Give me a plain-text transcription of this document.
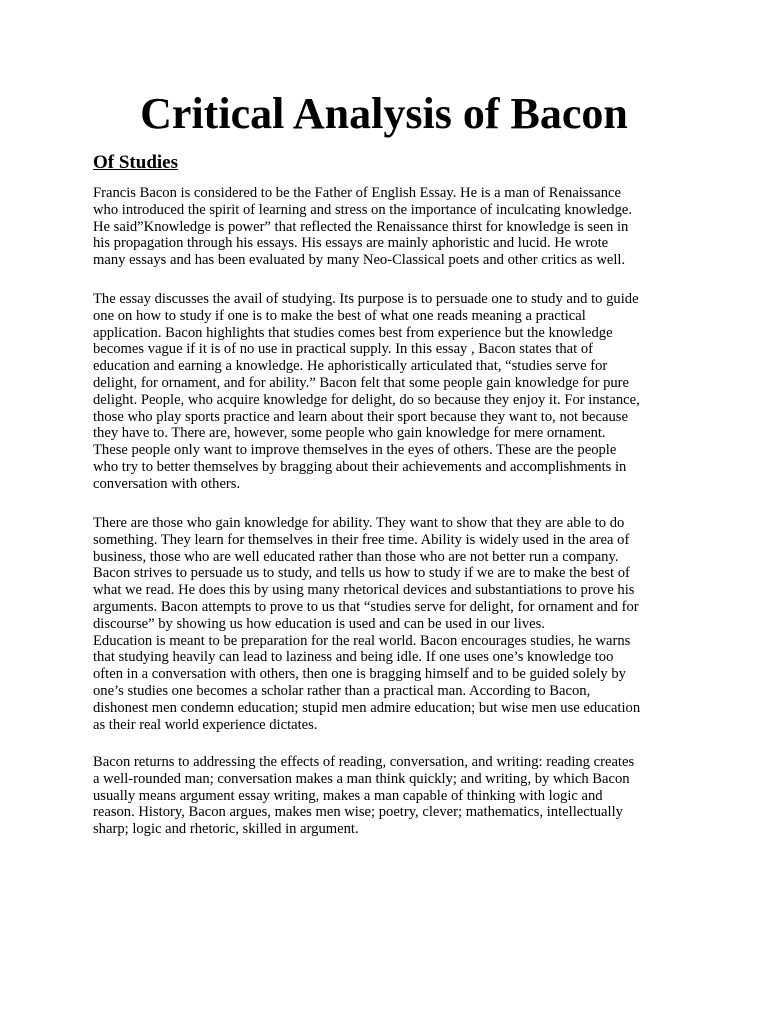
Critical Analysis of Bacon
Of Studies

Francis Bacon is considered to be the Father of English Essay. He is a man of Renaissance
who introduced the spirit of learning and stress on the importance of inculcating knowledge.
He said”Knowledge is power” that reflected the Renaissance thirst for knowledge is seen in
his propagation through his essays. His essays are mainly aphoristic and lucid. He wrote
many essays and has been evaluated by many Neo-Classical poets and other critics as well.

The essay discusses the avail of studying. Its purpose is to persuade one to study and to guide
one on how to study if one is to make the best of what one reads meaning a practical
application. Bacon highlights that studies comes best from experience but the knowledge
becomes vague if it is of no use in practical supply. In this essay , Bacon states that of
education and earning a knowledge. He aphoristically articulated that, “studies serve for
delight, for ornament, and for ability.” Bacon felt that some people gain knowledge for pure
delight. People, who acquire knowledge for delight, do so because they enjoy it. For instance,
those who play sports practice and learn about their sport because they want to, not because
they have to. There are, however, some people who gain knowledge for mere ornament.
These people only want to improve themselves in the eyes of others. These are the people
who try to better themselves by bragging about their achievements and accomplishments in
conversation with others.

There are those who gain knowledge for ability. They want to show that they are able to do
something. They learn for themselves in their free time. Ability is widely used in the area of
business, those who are well educated rather than those who are not better run a company.
Bacon strives to persuade us to study, and tells us how to study if we are to make the best of
what we read. He does this by using many rhetorical devices and substantiations to prove his
arguments. Bacon attempts to prove to us that “studies serve for delight, for ornament and for
discourse” by showing us how education is used and can be used in our lives.
Education is meant to be preparation for the real world. Bacon encourages studies, he warns
that studying heavily can lead to laziness and being idle. If one uses one’s knowledge too
often in a conversation with others, then one is bragging himself and to be guided solely by
one’s studies one becomes a scholar rather than a practical man. According to Bacon,
dishonest men condemn education; stupid men admire education; but wise men use education
as their real world experience dictates.

Bacon returns to addressing the effects of reading, conversation, and writing: reading creates
a well-rounded man; conversation makes a man think quickly; and writing, by which Bacon
usually means argument essay writing, makes a man capable of thinking with logic and
reason. History, Bacon argues, makes men wise; poetry, clever; mathematics, intellectually
sharp; logic and rhetoric, skilled in argument.
